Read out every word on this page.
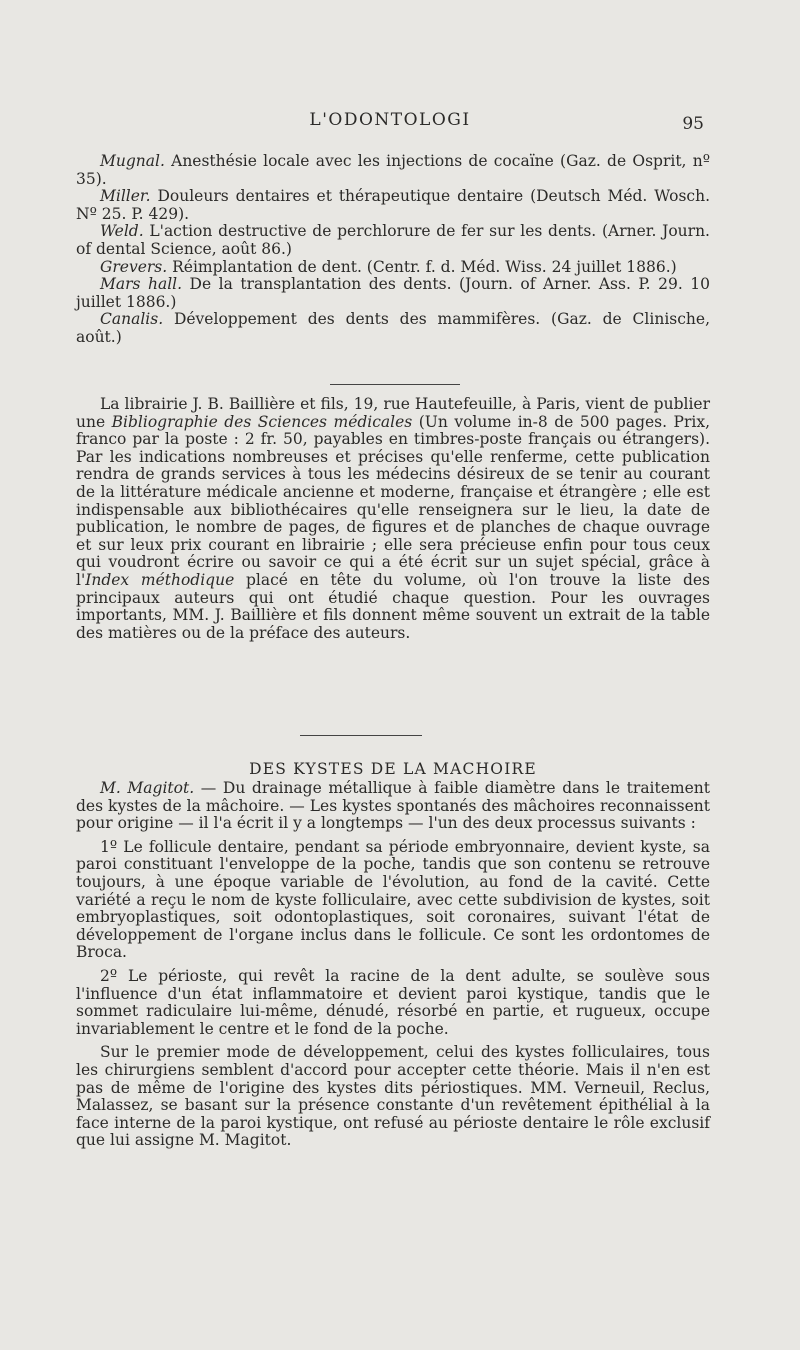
L'ODONTOLOGI	95

Mugnal. Anesthésie locale avec les injections de cocaïne (Gaz. de Osprit, nº 35).

Miller. Douleurs dentaires et thérapeutique dentaire (Deutsch Méd. Wosch. Nº 25. P. 429).

Weld. L'action destructive de perchlorure de fer sur les dents. (Arner. Journ. of dental Science, août 86.)

Grevers. Réimplantation de dent. (Centr. f. d. Méd. Wiss. 24 juillet 1886.)

Mars hall. De la transplantation des dents. (Journ. of Arner. Ass. P. 29. 10 juillet 1886.)

Canalis. Développement des dents des mammifères. (Gaz. de Clinische, août.)

La librairie J. B. Baillière et fils, 19, rue Hautefeuille, à Paris, vient de publier une Bibliographie des Sciences médicales (Un volume in-8 de 500 pages. Prix, franco par la poste : 2 fr. 50, payables en timbres-poste français ou étrangers). Par les indications nombreuses et précises qu'elle renferme, cette publication rendra de grands services à tous les médecins désireux de se tenir au courant de la littérature médicale ancienne et moderne, française et étrangère ; elle est indispensable aux bibliothécaires qu'elle renseignera sur le lieu, la date de publication, le nombre de pages, de figures et de planches de chaque ouvrage et sur leux prix courant en librairie ; elle sera précieuse enfin pour tous ceux qui voudront écrire ou savoir ce qui a été écrit sur un sujet spécial, grâce à l'Index méthodique placé en tête du volume, où l'on trouve la liste des principaux auteurs qui ont étudié chaque question. Pour les ouvrages importants, MM. J. Baillière et fils donnent même souvent un extrait de la table des matières ou de la préface des auteurs.

DES KYSTES DE LA MACHOIRE

M. Magitot. — Du drainage métallique à faible diamètre dans le traitement des kystes de la mâchoire. — Les kystes spontanés des mâchoires reconnaissent pour origine — il l'a écrit il y a longtemps — l'un des deux processus suivants :

1º Le follicule dentaire, pendant sa période embryonnaire, devient kyste, sa paroi constituant l'enveloppe de la poche, tandis que son contenu se retrouve toujours, à une époque variable de l'évolution, au fond de la cavité. Cette variété a reçu le nom de kyste folliculaire, avec cette subdivision de kystes, soit embryoplastiques, soit odontoplastiques, soit coronaires, suivant l'état de développement de l'organe inclus dans le follicule. Ce sont les ordontomes de Broca.

2º Le périoste, qui revêt la racine de la dent adulte, se soulève sous l'influence d'un état inflammatoire et devient paroi kystique, tandis que le sommet radiculaire lui-même, dénudé, résorbé en partie, et rugueux, occupe invariablement le centre et le fond de la poche.

Sur le premier mode de développement, celui des kystes folliculaires, tous les chirurgiens semblent d'accord pour accepter cette théorie. Mais il n'en est pas de même de l'origine des kystes dits périostiques. MM. Verneuil, Reclus, Malassez, se basant sur la présence constante d'un revêtement épithélial à la face interne de la paroi kystique, ont refusé au périoste dentaire le rôle exclusif que lui assigne M. Magitot.
